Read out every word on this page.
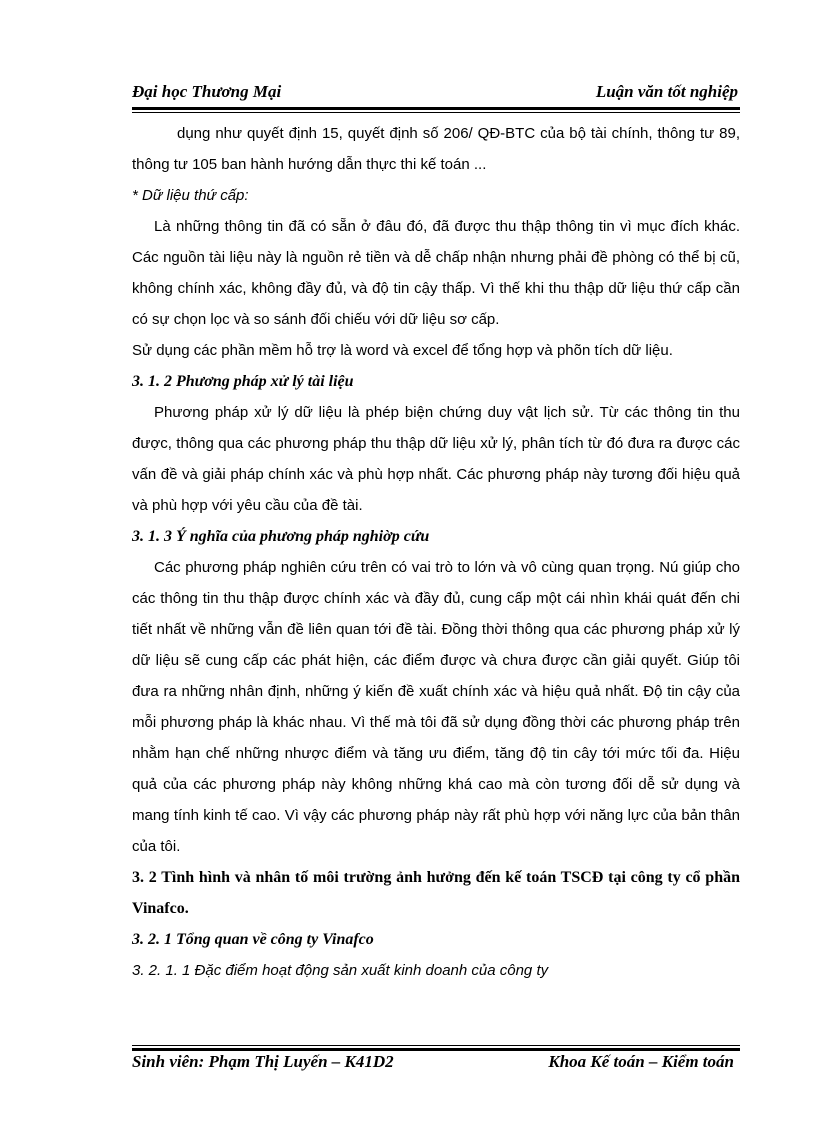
Đại học Thương Mại	Luận văn tốt nghiệp

dụng như quyết định 15, quyết định số 206/ QĐ-BTC của bộ tài chính, thông tư 89, thông tư 105 ban hành hướng dẫn thực thi kế toán ...

* Dữ liệu thứ cấp:

Là những thông tin đã có sẵn ở đâu đó, đã được thu thập thông tin vì mục đích khác. Các nguồn tài liệu này là nguồn rẻ tiền và dễ chấp nhận nhưng phải đề phòng có thể bị cũ, không chính xác, không đầy đủ, và độ tin cậy thấp. Vì thế khi thu thập dữ liệu thứ cấp cần có sự chọn lọc và so sánh đối chiếu với dữ liệu sơ cấp.

Sử dụng các phần mềm hỗ trợ là word và excel để tổng hợp và phõn tích dữ liệu.

3. 1. 2 Phương pháp xử lý tài liệu

Phương pháp xử lý dữ liệu là phép biện chứng duy vật lịch sử. Từ các thông tin thu được, thông qua các phương pháp thu thập dữ liệu xử lý, phân tích từ đó đưa ra được các vấn đề và giải pháp chính xác và phù hợp nhất. Các phương pháp này tương đối hiệu quả và phù hợp với yêu cầu của đề tài.

3. 1. 3 Ý nghĩa của phương pháp nghiờp cứu

Các phương pháp nghiên cứu trên có vai trò to lớn và vô cùng quan trọng. Nú giúp cho các thông tin thu thập được chính xác và đầy đủ, cung cấp một cái nhìn khái quát đến chi tiết nhất về những vẫn đề liên quan tới đề tài. Đồng thời thông qua các phương pháp xử lý dữ liệu sẽ cung cấp các phát hiện, các điểm được và chưa được cần giải quyết. Giúp tôi đưa ra những nhân định, những ý kiến đề xuất chính xác và hiệu quả nhất. Độ tin cậy của mỗi phương pháp là khác nhau. Vì thế mà tôi đã sử dụng đồng thời các phương pháp trên nhằm hạn chế những nhược điểm và tăng ưu điểm, tăng độ tin cây tới mức tối đa. Hiệu quả của các phương pháp này không những khá cao mà còn tương đối dễ sử dụng và mang tính kinh tế cao. Vì vậy các phương pháp này rất phù hợp với năng lực của bản thân của tôi.

3. 2 Tình hình và nhân tố môi trường ảnh hưởng đến kế toán TSCĐ tại công ty cổ phần Vinafco.

3. 2. 1 Tổng quan về công ty Vinafco

3. 2. 1. 1 Đặc điểm hoạt động sản xuất kinh doanh của công ty

Sinh viên: Phạm Thị Luyến – K41D2	Khoa Kế toán – Kiểm toán
